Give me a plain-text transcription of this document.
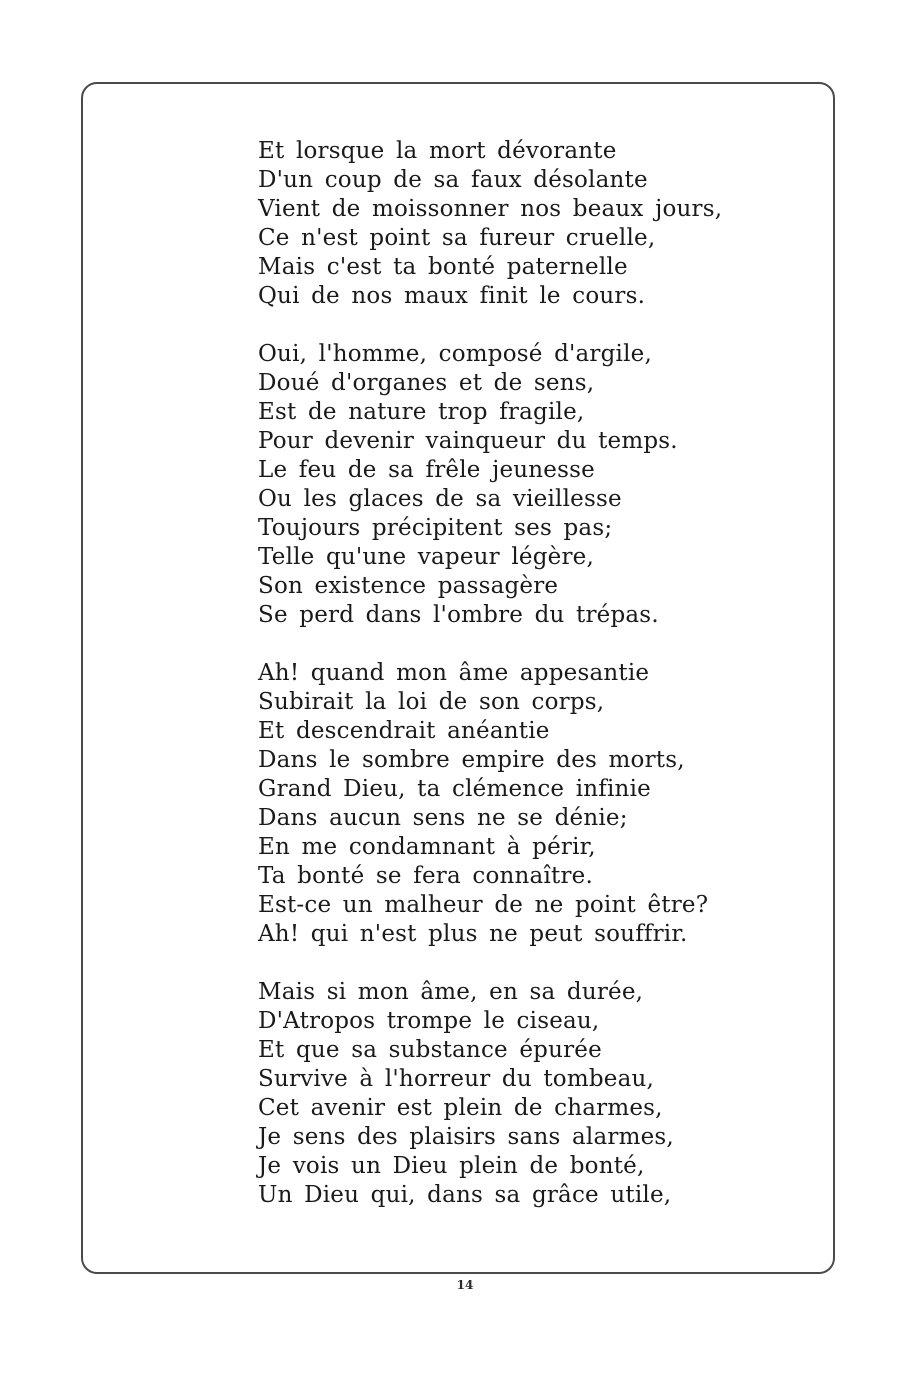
Et lorsque la mort dévorante
D'un coup de sa faux désolante
Vient de moissonner nos beaux jours,
Ce n'est point sa fureur cruelle,
Mais c'est ta bonté paternelle
Qui de nos maux finit le cours.
Oui, l'homme, composé d'argile,
Doué d'organes et de sens,
Est de nature trop fragile,
Pour devenir vainqueur du temps.
Le feu de sa frêle jeunesse
Ou les glaces de sa vieillesse
Toujours précipitent ses pas;
Telle qu'une vapeur légère,
Son existence passagère
Se perd dans l'ombre du trépas.
Ah! quand mon âme appesantie
Subirait la loi de son corps,
Et descendrait anéantie
Dans le sombre empire des morts,
Grand Dieu, ta clémence infinie
Dans aucun sens ne se dénie;
En me condamnant à périr,
Ta bonté se fera connaître.
Est-ce un malheur de ne point être?
Ah! qui n'est plus ne peut souffrir.
Mais si mon âme, en sa durée,
D'Atropos trompe le ciseau,
Et que sa substance épurée
Survive à l'horreur du tombeau,
Cet avenir est plein de charmes,
Je sens des plaisirs sans alarmes,
Je vois un Dieu plein de bonté,
Un Dieu qui, dans sa grâce utile,
14
